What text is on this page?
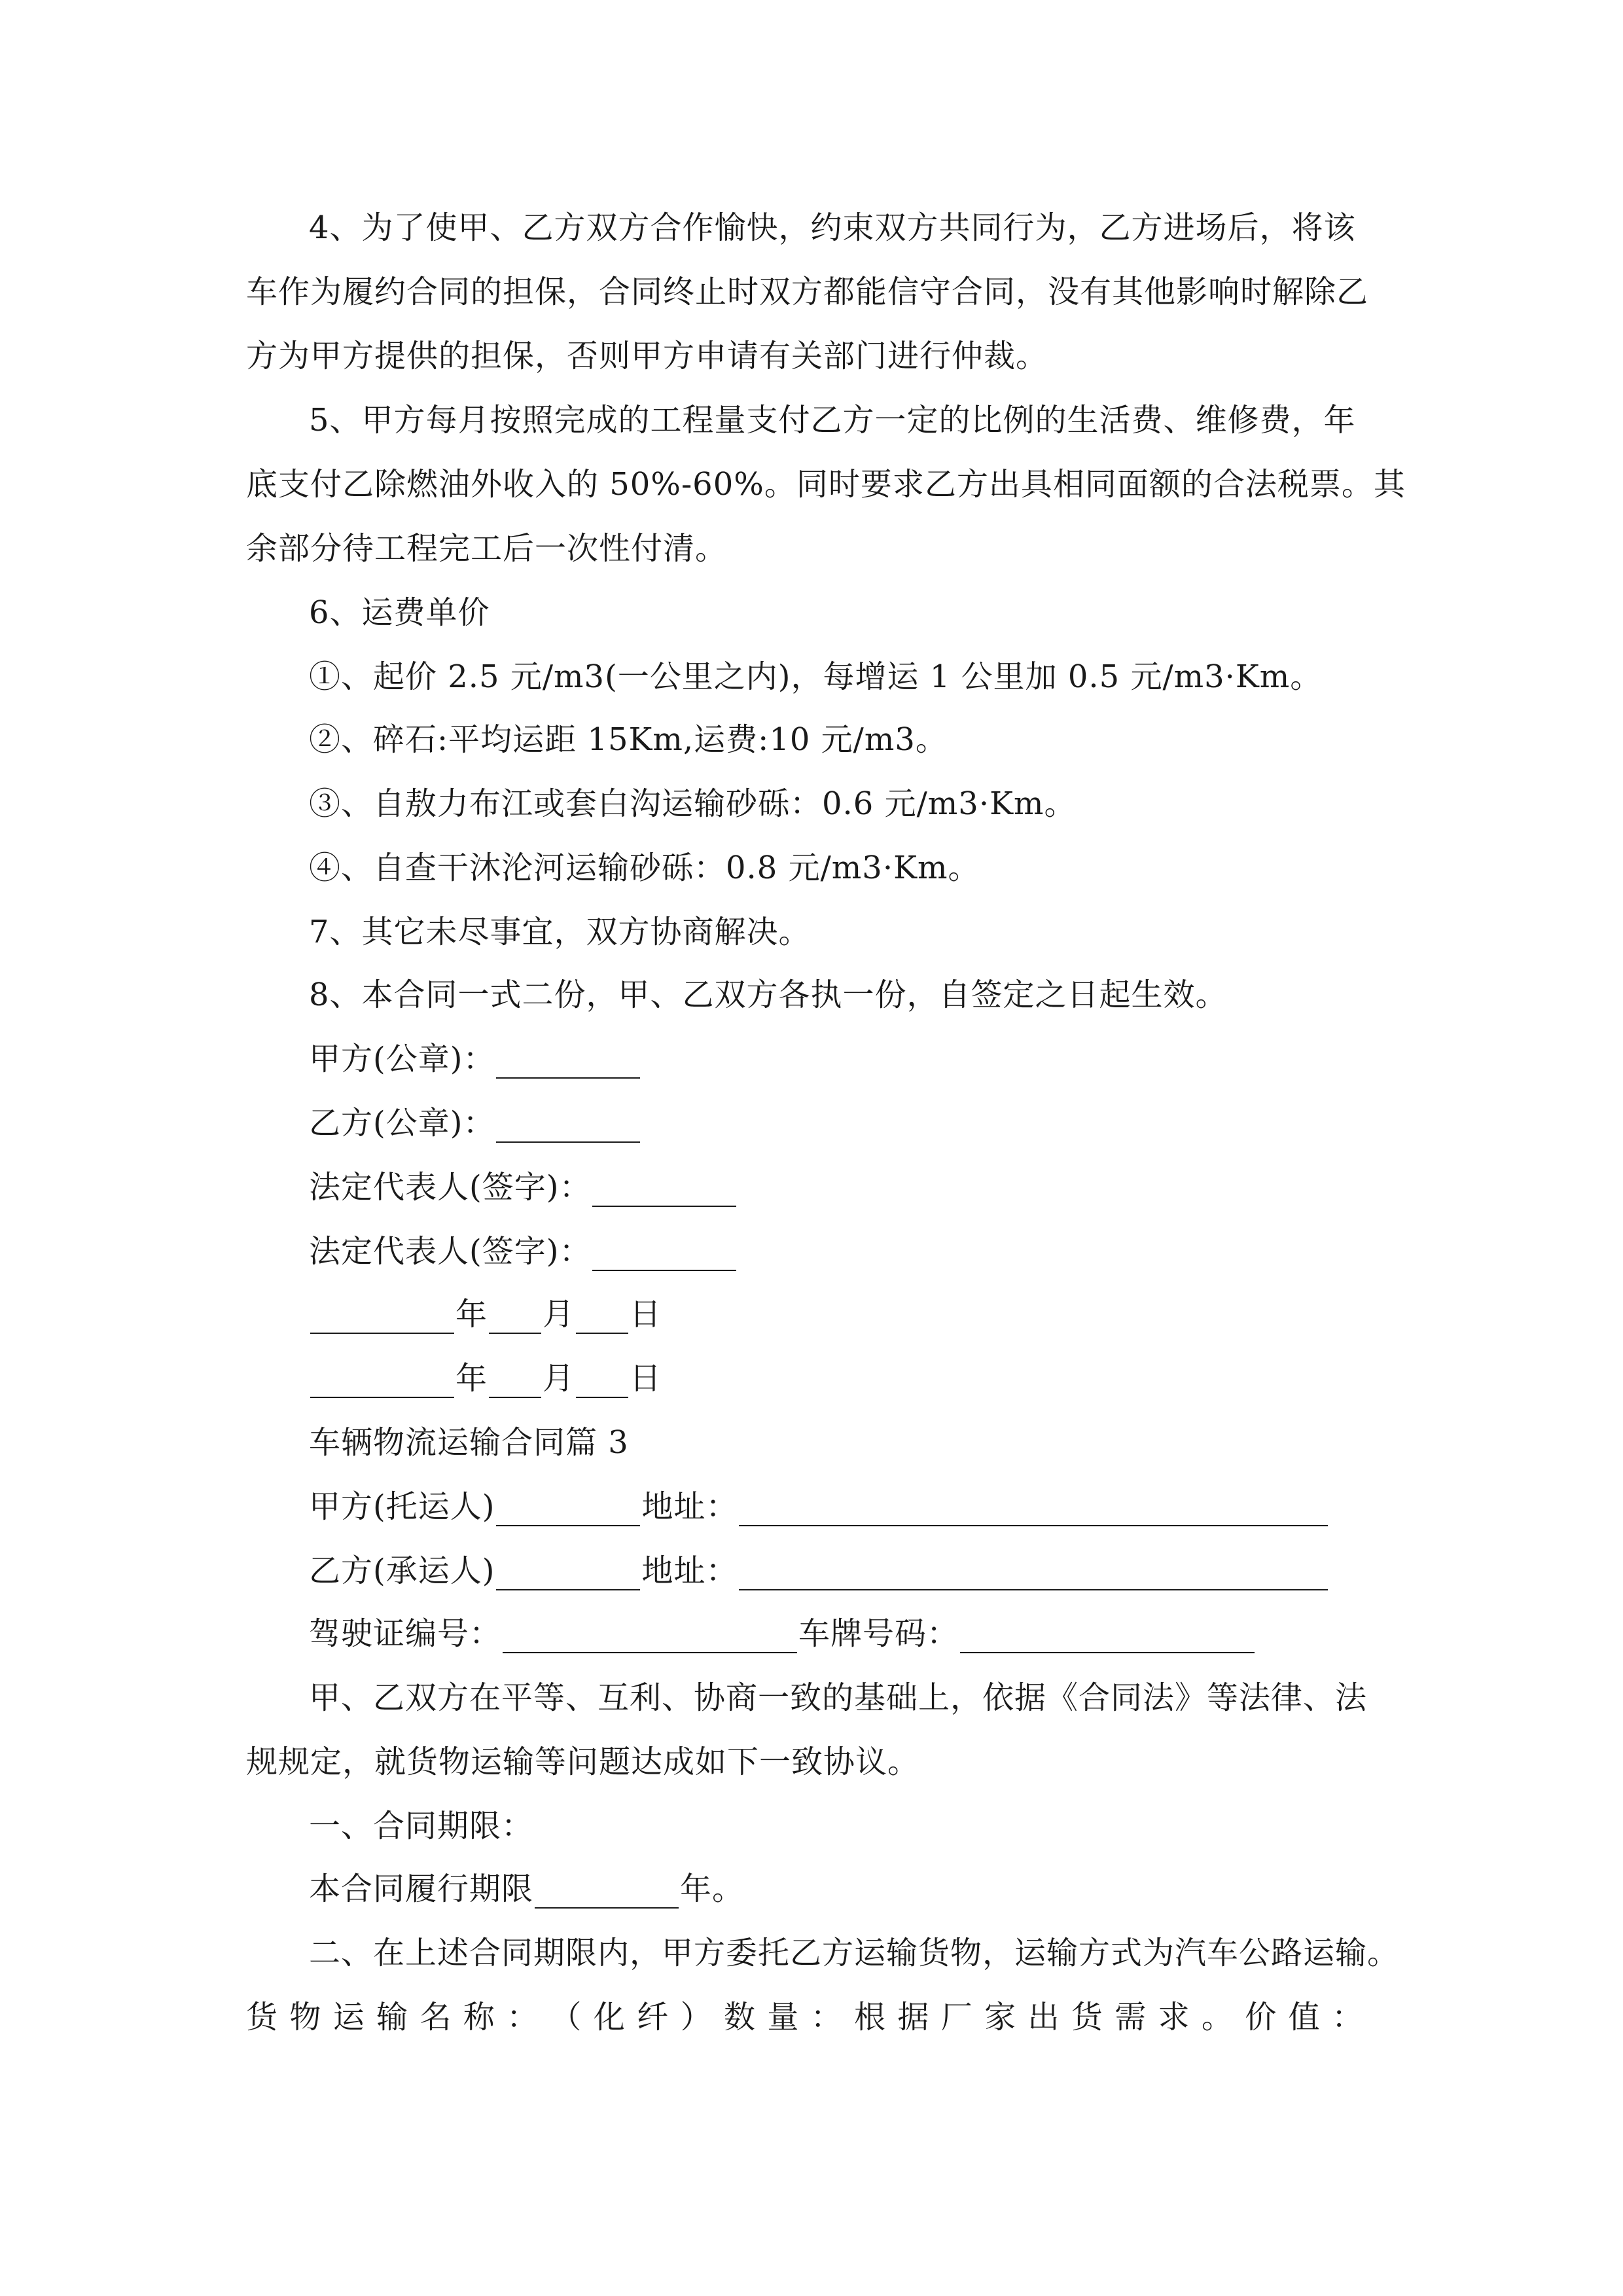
4、为了使甲、乙方双方合作愉快，约束双方共同行为，乙方进场后，将该
车作为履约合同的担保，合同终止时双方都能信守合同，没有其他影响时解除乙
方为甲方提供的担保，否则甲方申请有关部门进行仲裁。
5、甲方每月按照完成的工程量支付乙方一定的比例的生活费、维修费，年
底支付乙除燃油外收入的 50%-60%。同时要求乙方出具相同面额的合法税票。其
余部分待工程完工后一次性付清。
6、运费单价
①、起价 2.5 元/m3(一公里之内)，每增运 1 公里加 0.5 元/m3·Km。
②、碎石:平均运距 15Km,运费:10 元/m3。
③、自敖力布江或套白沟运输砂砾：0.6 元/m3·Km。
④、自查干沐沦河运输砂砾：0.8 元/m3·Km。
7、其它未尽事宜，双方协商解决。
8、本合同一式二份，甲、乙双方各执一份，自签定之日起生效。
甲方(公章)：
乙方(公章)：
法定代表人(签字)：
法定代表人(签字)：
年 月 日
年 月 日
车辆物流运输合同篇 3
甲方(托运人)	地址：
乙方(承运人)	地址：
驾驶证编号：	车牌号码：
甲、乙双方在平等、互利、协商一致的基础上，依据《合同法》等法律、法
规规定，就货物运输等问题达成如下一致协议。
一、合同期限：
本合同履行期限	年。
二、在上述合同期限内，甲方委托乙方运输货物，运输方式为汽车公路运输。
货 物 运 输 名 称 ： （ 化 纤 ） 数 量 ： 根 据 厂 家 出 货 需 求 。 价 值 ：
